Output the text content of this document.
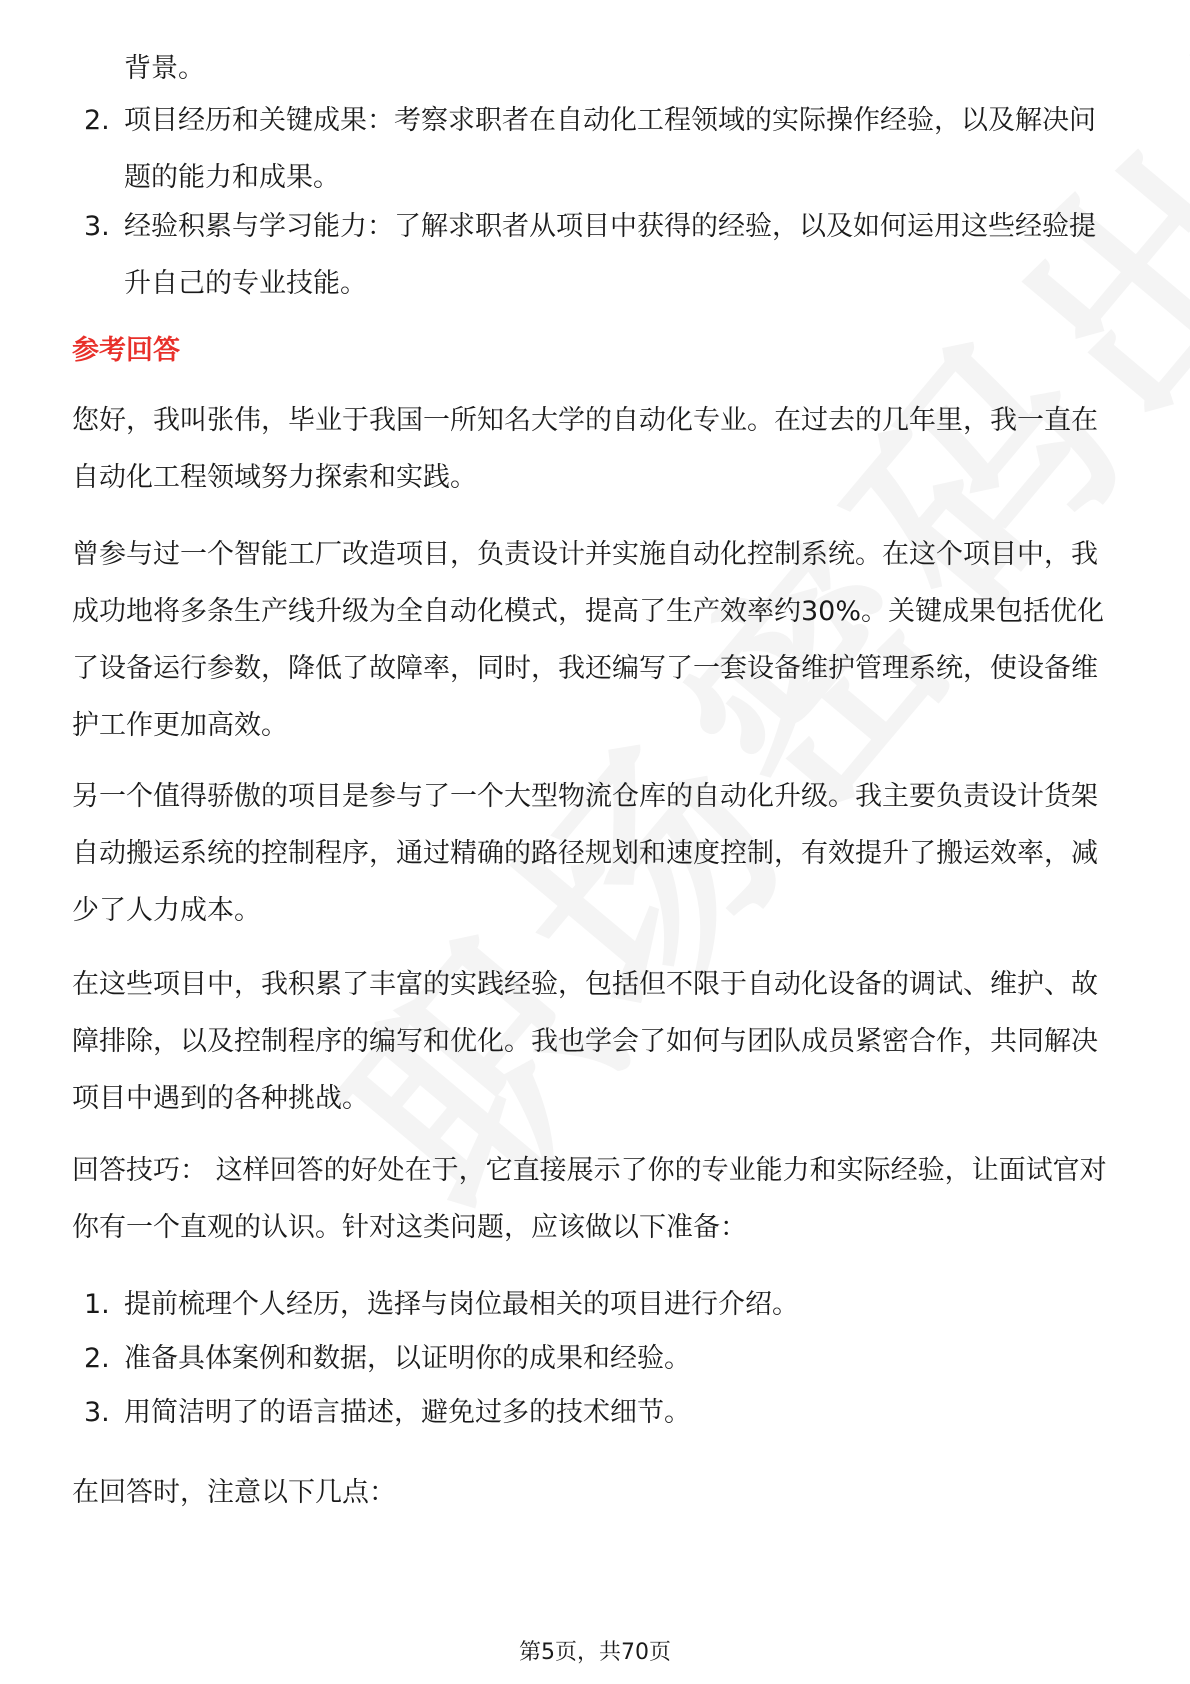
背景。
2. 项目经历和关键成果：考察求职者在自动化工程领域的实际操作经验，以及解决问题的能力和成果。
3. 经验积累与学习能力：了解求职者从项目中获得的经验，以及如何运用这些经验提升自己的专业技能。
参考回答

您好，我叫张伟，毕业于我国一所知名大学的自动化专业。在过去的几年里，我一直在自动化工程领域努力探索和实践。

曾参与过一个智能工厂改造项目，负责设计并实施自动化控制系统。在这个项目中，我成功地将多条生产线升级为全自动化模式，提高了生产效率约30%。关键成果包括优化了设备运行参数，降低了故障率，同时，我还编写了一套设备维护管理系统，使设备维护工作更加高效。

另一个值得骄傲的项目是参与了一个大型物流仓库的自动化升级。我主要负责设计货架自动搬运系统的控制程序，通过精确的路径规划和速度控制，有效提升了搬运效率，减少了人力成本。

在这些项目中，我积累了丰富的实践经验，包括但不限于自动化设备的调试、维护、故障排除，以及控制程序的编写和优化。我也学会了如何与团队成员紧密合作，共同解决项目中遇到的各种挑战。

回答技巧： 这样回答的好处在于，它直接展示了你的专业能力和实际经验，让面试官对你有一个直观的认识。针对这类问题，应该做以下准备：

1. 提前梳理个人经历，选择与岗位最相关的项目进行介绍。
2. 准备具体案例和数据，以证明你的成果和经验。
3. 用简洁明了的语言描述，避免过多的技术细节。

在回答时，注意以下几点：

第5页，共70页
